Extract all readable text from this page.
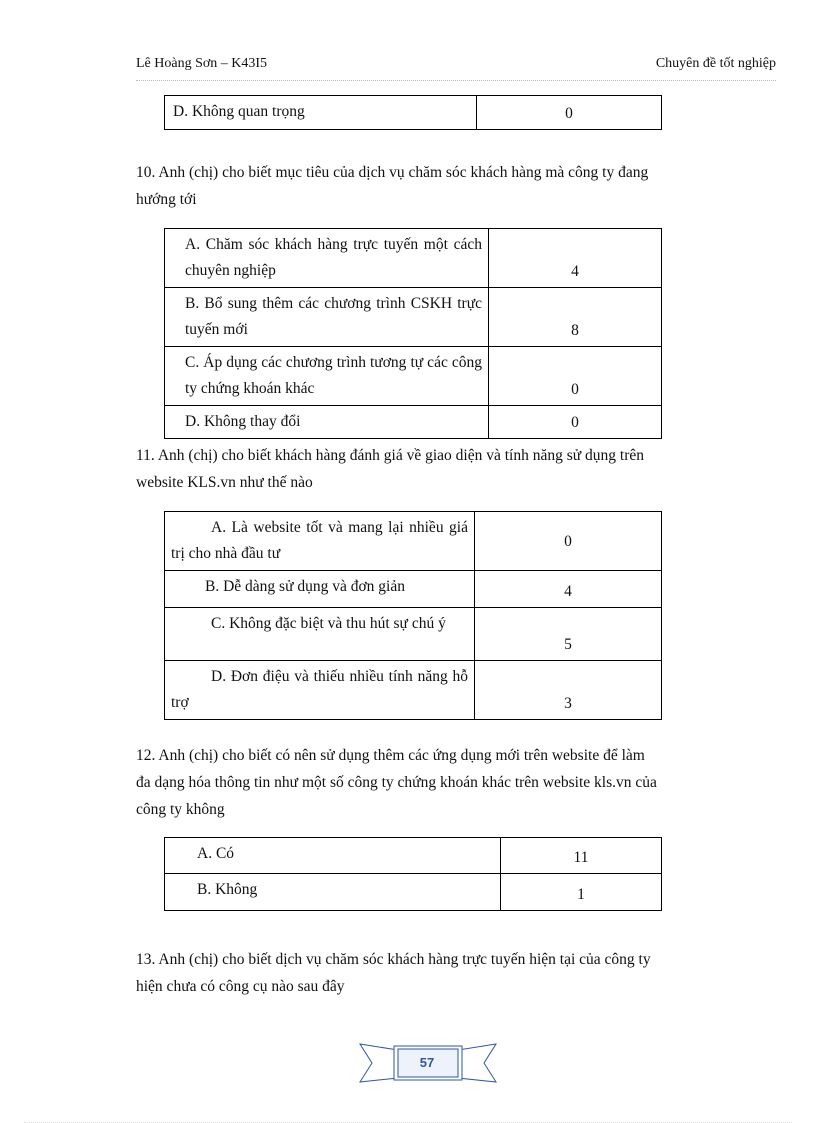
Lê Hoàng Sơn – K43I5	Chuyên đề tốt nghiệp
D. Không quan trọng	0
10. Anh (chị) cho biết mục tiêu của dịch vụ chăm sóc khách hàng mà công ty đang
hướng tới
A. Chăm sóc khách hàng trực tuyến một cách chuyên nghiệp	4
B. Bổ sung thêm các chương trình CSKH trực tuyến mới	8
C. Áp dụng các chương trình tương tự các công ty chứng khoán khác	0
D. Không thay đổi	0
11. Anh (chị) cho biết khách hàng đánh giá về giao diện và tính năng sử dụng trên
website KLS.vn như thế nào
A. Là website tốt và mang lại nhiều giá trị cho nhà đầu tư	0
B. Dễ dàng sử dụng và đơn giản	4
C. Không đặc biệt và thu hút sự chú ý	5
D. Đơn điệu và thiếu nhiều tính năng hỗ trợ	3
12. Anh (chị) cho biết có nên sử dụng thêm các ứng dụng mới trên website để làm
đa dạng hóa thông tin như một số công ty chứng khoán khác trên website kls.vn của
công ty không
A. Có	11
B. Không	1
13. Anh (chị) cho biết dịch vụ chăm sóc khách hàng trực tuyến hiện tại của công ty
hiện chưa có công cụ nào sau đây
57
